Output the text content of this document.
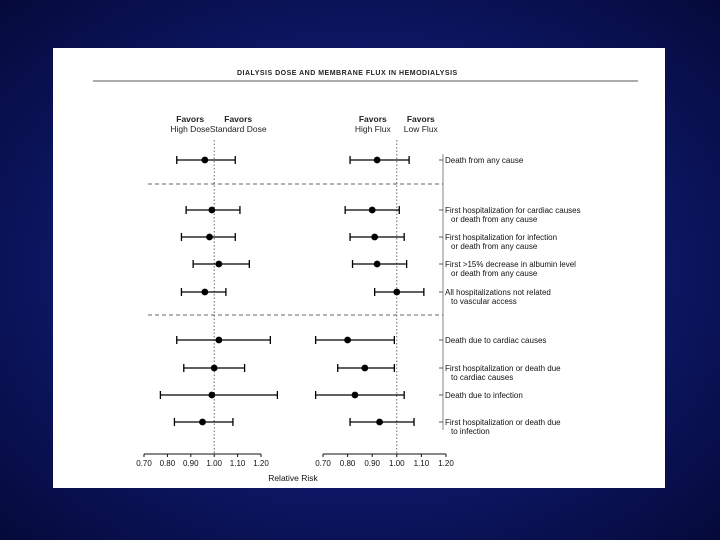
DIALYSIS DOSE AND MEMBRANE FLUX IN HEMODIALYSIS
Favors
High Dose
Favors
Standard Dose
0.70 0.80 0.90 1.00 1.10 1.20
Favors
High Flux
Favors
Low Flux
0.70 0.80 0.90 1.00 1.10 1.20
Death from any cause
First hospitalization for cardiac causes
or death from any cause
First hospitalization for infection
or death from any cause
First >15% decrease in albumin level
or death from any cause
All hospitalizations not related
to vascular access
Death due to cardiac causes
First hospitalization or death due
to cardiac causes
Death due to infection
First hospitalization or death due
to infection
Relative Risk
